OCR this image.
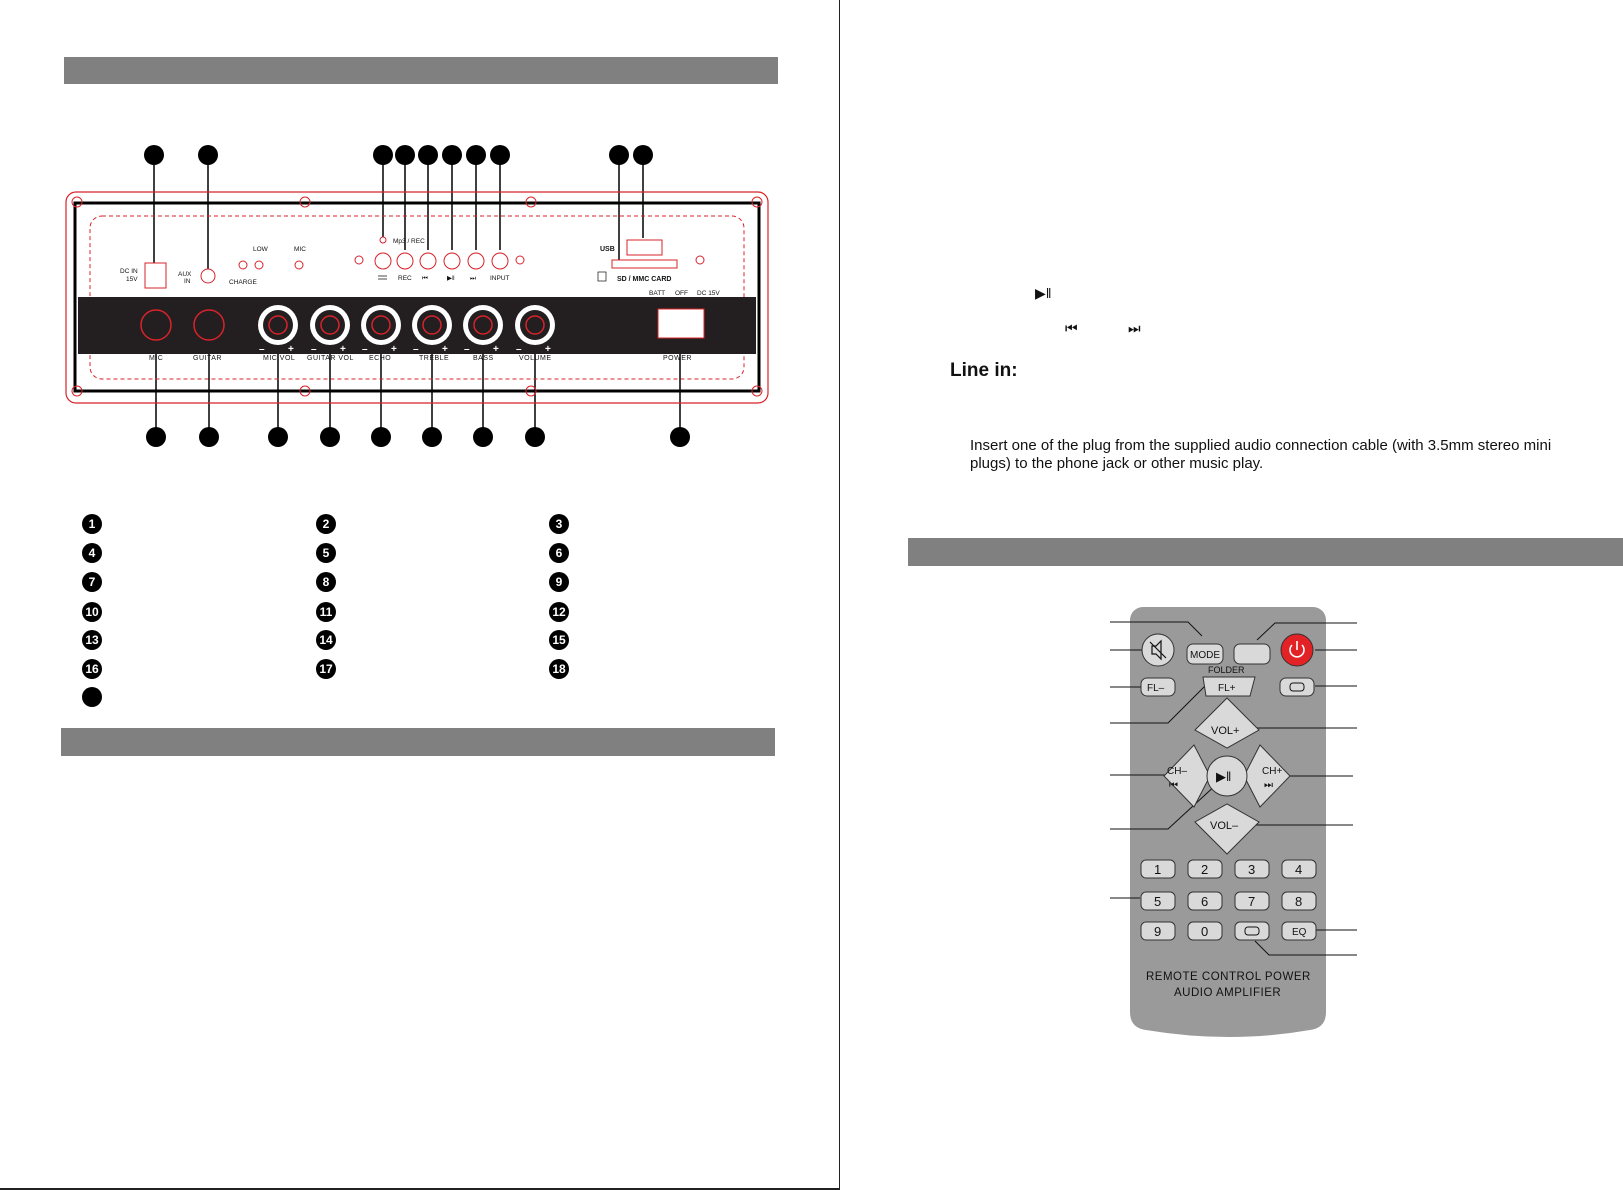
DC IN
15V
AUX
IN	CHARGE
LOW	MIC
Mp3 / REC
REC	INPUT
⏮	▶‖ ⏭
USB
SD / MMC CARD
BATT OFF DC 15V
– + – + – + – + – + – +
MIC	GUITAR	MIC VOL GUITAR VOL ECHO	TREBLE	BASS	VOLUME	POWER
1	2	3
4	5	6
7	8	9
10	11	12
13	14	15
16	17	18
▶‖
⏮	⏭
Line in:
Insert one of the plug from the supplied audio connection cable (with 3.5mm stereo mini plugs) to the phone jack or other music play.
MODE
FOLDER
FL–	FL+
VOL+
VOL–
CH–
⏮
CH+
⏭
▶‖
1	2	3	4
5	6	7	8
9	0	EQ
REMOTE CONTROL POWER
AUDIO AMPLIFIER
